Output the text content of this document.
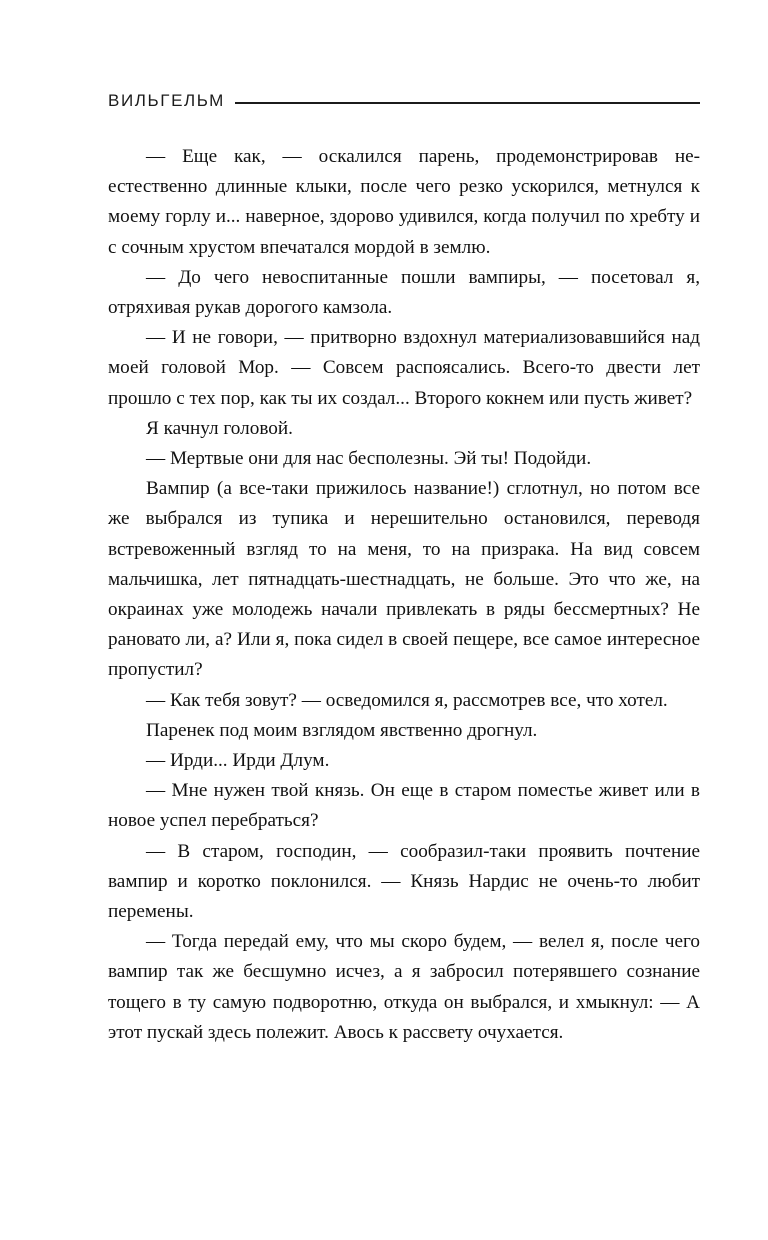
ВИЛЬГЕЛЬМ

— Еще как, — оскалился парень, продемонстрировав неестественно длинные клыки, после чего резко ускорился, метнулся к моему горлу и... наверное, здорово удивился, когда получил по хребту и с сочным хрустом впечатался мордой в землю.

— До чего невоспитанные пошли вампиры, — посетовал я, отряхивая рукав дорогого камзола.

— И не говори, — притворно вздохнул материализовавшийся над моей головой Мор. — Совсем распоясались. Всего-то двести лет прошло с тех пор, как ты их создал... Второго кокнем или пусть живет?

Я качнул головой.

— Мертвые они для нас бесполезны. Эй ты! Подойди.

Вампир (а все-таки прижилось название!) сглотнул, но потом все же выбрался из тупика и нерешительно остановился, переводя встревоженный взгляд то на меня, то на призрака. На вид совсем мальчишка, лет пятнадцать-шестнадцать, не больше. Это что же, на окраинах уже молодежь начали привлекать в ряды бессмертных? Не рановато ли, а? Или я, пока сидел в своей пещере, все самое интересное пропустил?

— Как тебя зовут? — осведомился я, рассмотрев все, что хотел.

Паренек под моим взглядом явственно дрогнул.

— Ирди... Ирди Длум.

— Мне нужен твой князь. Он еще в старом поместье живет или в новое успел перебраться?

— В старом, господин, — сообразил-таки проявить почтение вампир и коротко поклонился. — Князь Нардис не очень-то любит перемены.

— Тогда передай ему, что мы скоро будем, — велел я, после чего вампир так же бесшумно исчез, а я забросил потерявшего сознание тощего в ту самую подворотню, откуда он выбрался, и хмыкнул: — А этот пускай здесь полежит. Авось к рассвету очухается.
